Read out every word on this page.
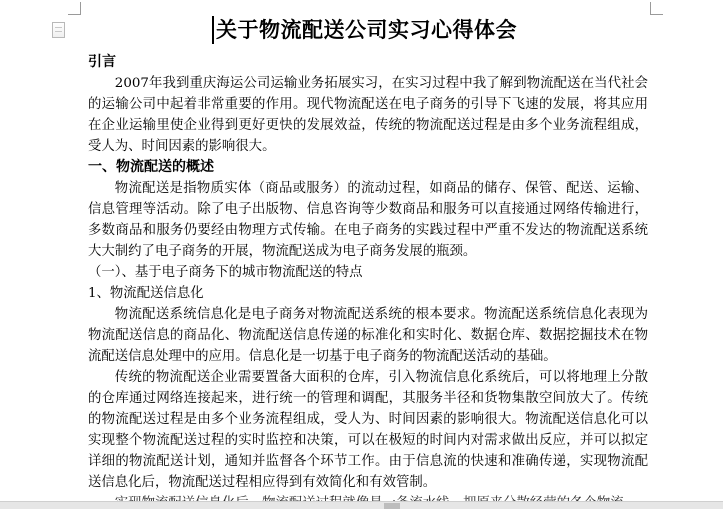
关于物流配送公司实习心得体会

引言

2007年我到重庆海运公司运输业务拓展实习，在实习过程中我了解到物流配送在当代社会的运输公司中起着非常重要的作用。现代物流配送在电子商务的引导下飞速的发展，将其应用在企业运输里使企业得到更好更快的发展效益，传统的物流配送过程是由多个业务流程组成，受人为、时间因素的影响很大。

一、物流配送的概述

物流配送是指物质实体（商品或服务）的流动过程，如商品的储存、保管、配送、运输、信息管理等活动。除了电子出版物、信息咨询等少数商品和服务可以直接通过网络传输进行，多数商品和服务仍要经由物理方式传输。在电子商务的实践过程中严重不发达的物流配送系统大大制约了电子商务的开展，物流配送成为电子商务发展的瓶颈。

（一）、基于电子商务下的城市物流配送的特点

1、物流配送信息化

物流配送系统信息化是电子商务对物流配送系统的根本要求。物流配送系统信息化表现为物流配送信息的商品化、物流配送信息传递的标准化和实时化、数据仓库、数据挖掘技术在物流配送信息处理中的应用。信息化是一切基于电子商务的物流配送活动的基础。

传统的物流配送企业需要置备大面积的仓库，引入物流信息化系统后，可以将地理上分散的仓库通过网络连接起来，进行统一的管理和调配，其服务半径和货物集散空间放大了。传统的物流配送过程是由多个业务流程组成，受人为、时间因素的影响很大。物流配送信息化可以实现整个物流配送过程的实时监控和决策，可以在极短的时间内对需求做出反应，并可以拟定详细的物流配送计划，通知并监督各个环节工作。由于信息流的快速和准确传递，实现物流配送信息化后，物流配送过程相应得到有效简化和有效管制。
